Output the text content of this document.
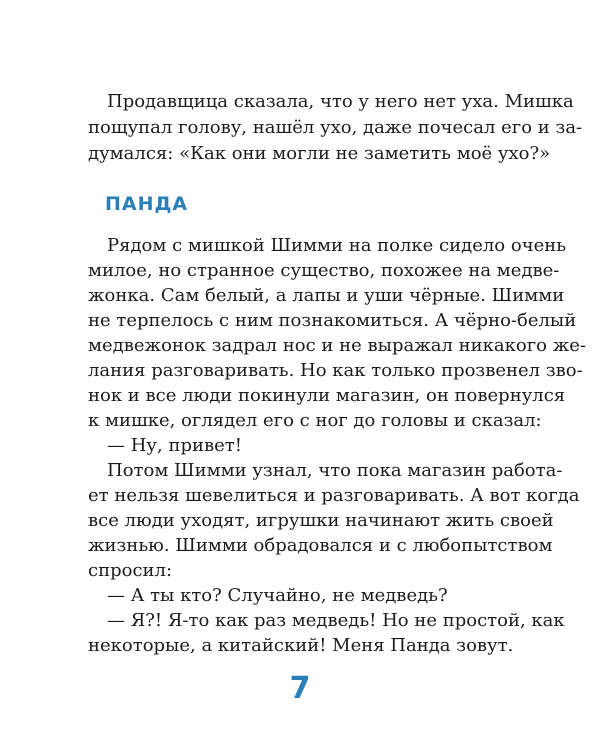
Продавщица сказала, что у него нет уха. Мишка
пощупал голову, нашёл ухо, даже почесал его и за-
думался: «Как они могли не заметить моё ухо?»
ПАНДА
Рядом с мишкой Шимми на полке сидело очень
милое, но странное существо, похожее на медве-
жонка. Сам белый, а лапы и уши чёрные. Шимми
не терпелось с ним познакомиться. А чёрно-белый
медвежонок задрал нос и не выражал никакого же-
лания разговаривать. Но как только прозвенел зво-
нок и все люди покинули магазин, он повернулся
к мишке, оглядел его с ног до головы и сказал:
— Ну, привет!
Потом Шимми узнал, что пока магазин работа-
ет нельзя шевелиться и разговаривать. А вот когда
все люди уходят, игрушки начинают жить своей
жизнью. Шимми обрадовался и с любопытством
спросил:
— А ты кто? Случайно, не медведь?
— Я?! Я-то как раз медведь! Но не простой, как
некоторые, а китайский! Меня Панда зовут.
7
